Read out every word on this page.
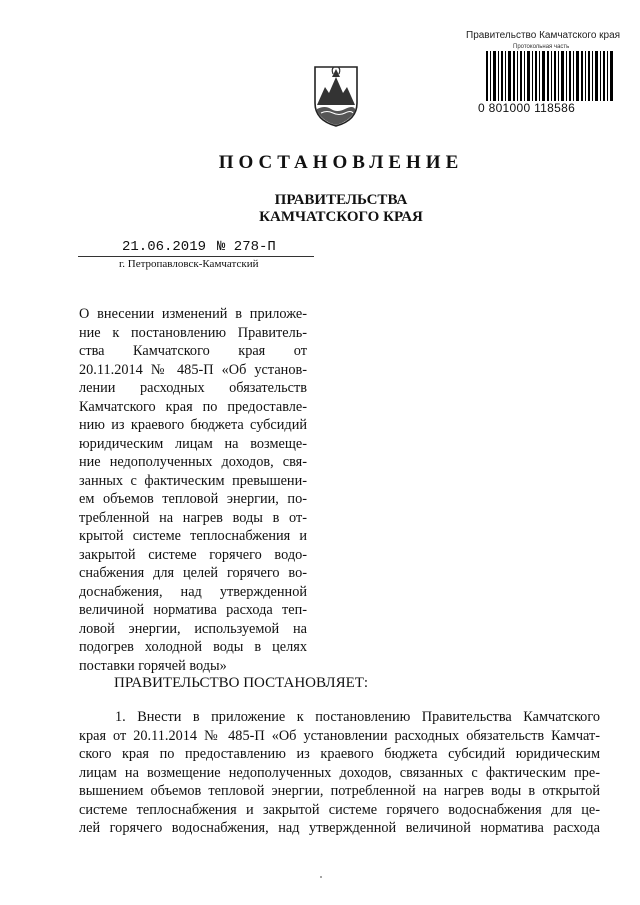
Правительство Камчатского края
Протокольная часть
0 801000 118586
ПОСТАНОВЛЕНИЕ
ПРАВИТЕЛЬСТВА
КАМЧАТСКОГО КРАЯ
21.06.2019 № 278-П
г. Петропавловск-Камчатский
О внесении изменений в приложе-
ние к постановлению Правитель-
ства Камчатского края от
20.11.2014 № 485-П «Об установ-
лении расходных обязательств
Камчатского края по предоставле-
нию из краевого бюджета субсидий
юридическим лицам на возмеще-
ние недополученных доходов, свя-
занных с фактическим превышени-
ем объемов тепловой энергии, по-
требленной на нагрев воды в от-
крытой системе теплоснабжения и
закрытой системе горячего водо-
снабжения для целей горячего во-
доснабжения, над утвержденной
величиной норматива расхода теп-
ловой энергии, используемой на
подогрев холодной воды в целях
поставки горячей воды»
ПРАВИТЕЛЬСТВО ПОСТАНОВЛЯЕТ:
1. Внести в приложение к постановлению Правительства Камчатского
края от 20.11.2014 № 485-П «Об установлении расходных обязательств Камчат-
ского края по предоставлению из краевого бюджета субсидий юридическим
лицам на возмещение недополученных доходов, связанных с фактическим пре-
вышением объемов тепловой энергии, потребленной на нагрев воды в открытой
системе теплоснабжения и закрытой системе горячего водоснабжения для це-
лей горячего водоснабжения, над утвержденной величиной норматива расхода
